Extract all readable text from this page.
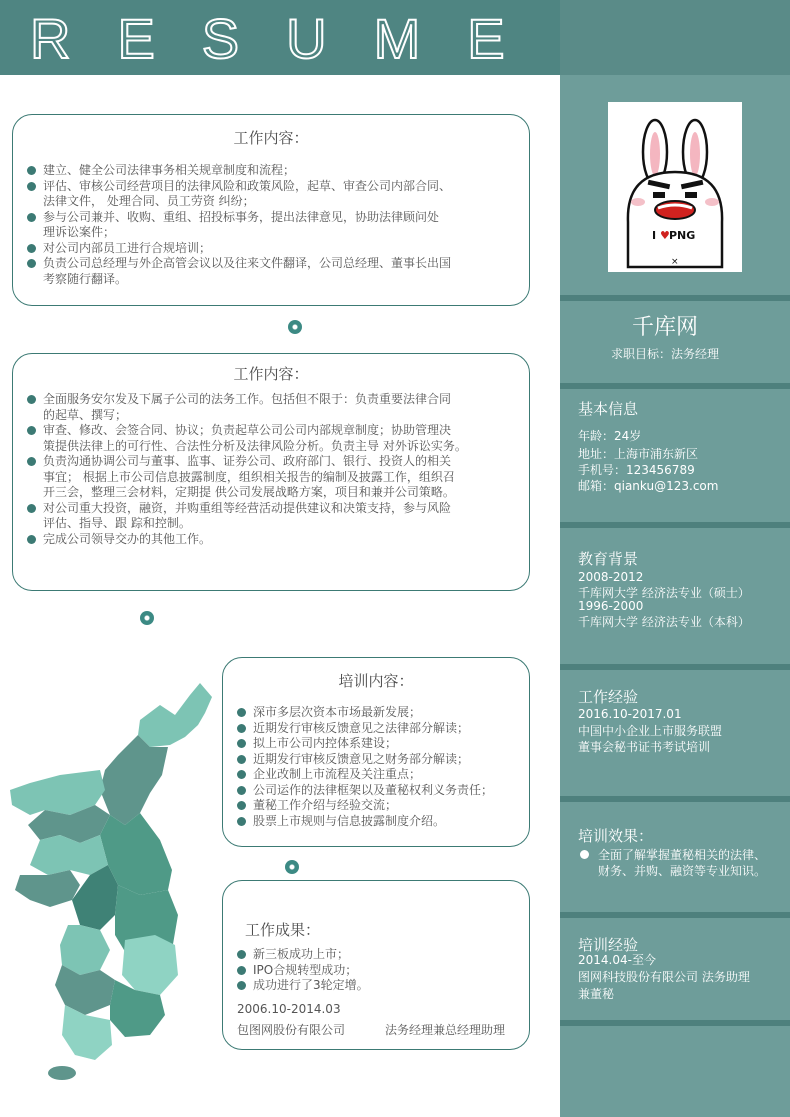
RESUME
I ♥ PNG
×
千库网
求职目标：法务经理
基本信息
年龄：24岁
地址：上海市浦东新区
手机号：123456789
邮箱：qianku@123.com
教育背景
2008-2012
千库网大学 经济法专业（硕士）
1996-2000
千库网大学 经济法专业（本科）
工作经验
2016.10-2017.01
中国中小企业上市服务联盟
董事会秘书证书考试培训
培训效果：
全面了解掌握董秘相关的法律、
财务、并购、融资等专业知识。
培训经验
2014.04-至今
图网科技股份有限公司 法务助理
兼董秘
工作内容：
建立、健全公司法律事务相关规章制度和流程；
评估、审核公司经营项目的法律风险和政策风险，起草、审查公司内部合同、
法律文件， 处理合同、员工劳资 纠纷；
参与公司兼并、收购、重组、招投标事务，提出法律意见，协助法律顾问处
理诉讼案件；
对公司内部员工进行合规培训；
负责公司总经理与外企高管会议以及往来文件翻译，公司总经理、董事长出国
考察随行翻译。
工作内容：
全面服务安尔发及下属子公司的法务工作。包括但不限于：负责重要法律合同
的起草、撰写；
审查、修改、会签合同、协议；负责起草公司公司内部规章制度；协助管理决
策提供法律上的可行性、合法性分析及法律风险分析。负责主导 对外诉讼实务。
负责沟通协调公司与董事、监事、证券公司、政府部门、银行、投资人的相关
事宜； 根据上市公司信息披露制度，组织相关报告的编制及披露工作，组织召
开三会，整理三会材料，定期提 供公司发展战略方案，项目和兼并公司策略。
对公司重大投资，融资，并购重组等经营活动提供建议和决策支持，参与风险
评估、指导、跟 踪和控制。
完成公司领导交办的其他工作。
培训内容：
深市多层次资本市场最新发展；
近期发行审核反馈意见之法律部分解读；
拟上市公司内控体系建设；
近期发行审核反馈意见之财务部分解读；
企业改制上市流程及关注重点；
公司运作的法律框架以及董秘权利义务责任；
董秘工作介绍与经验交流；
股票上市规则与信息披露制度介绍。
工作成果：
新三板成功上市；
IPO合规转型成功；
成功进行了3轮定增。
2006.10-2014.03
包图网股份有限公司	法务经理兼总经理助理
